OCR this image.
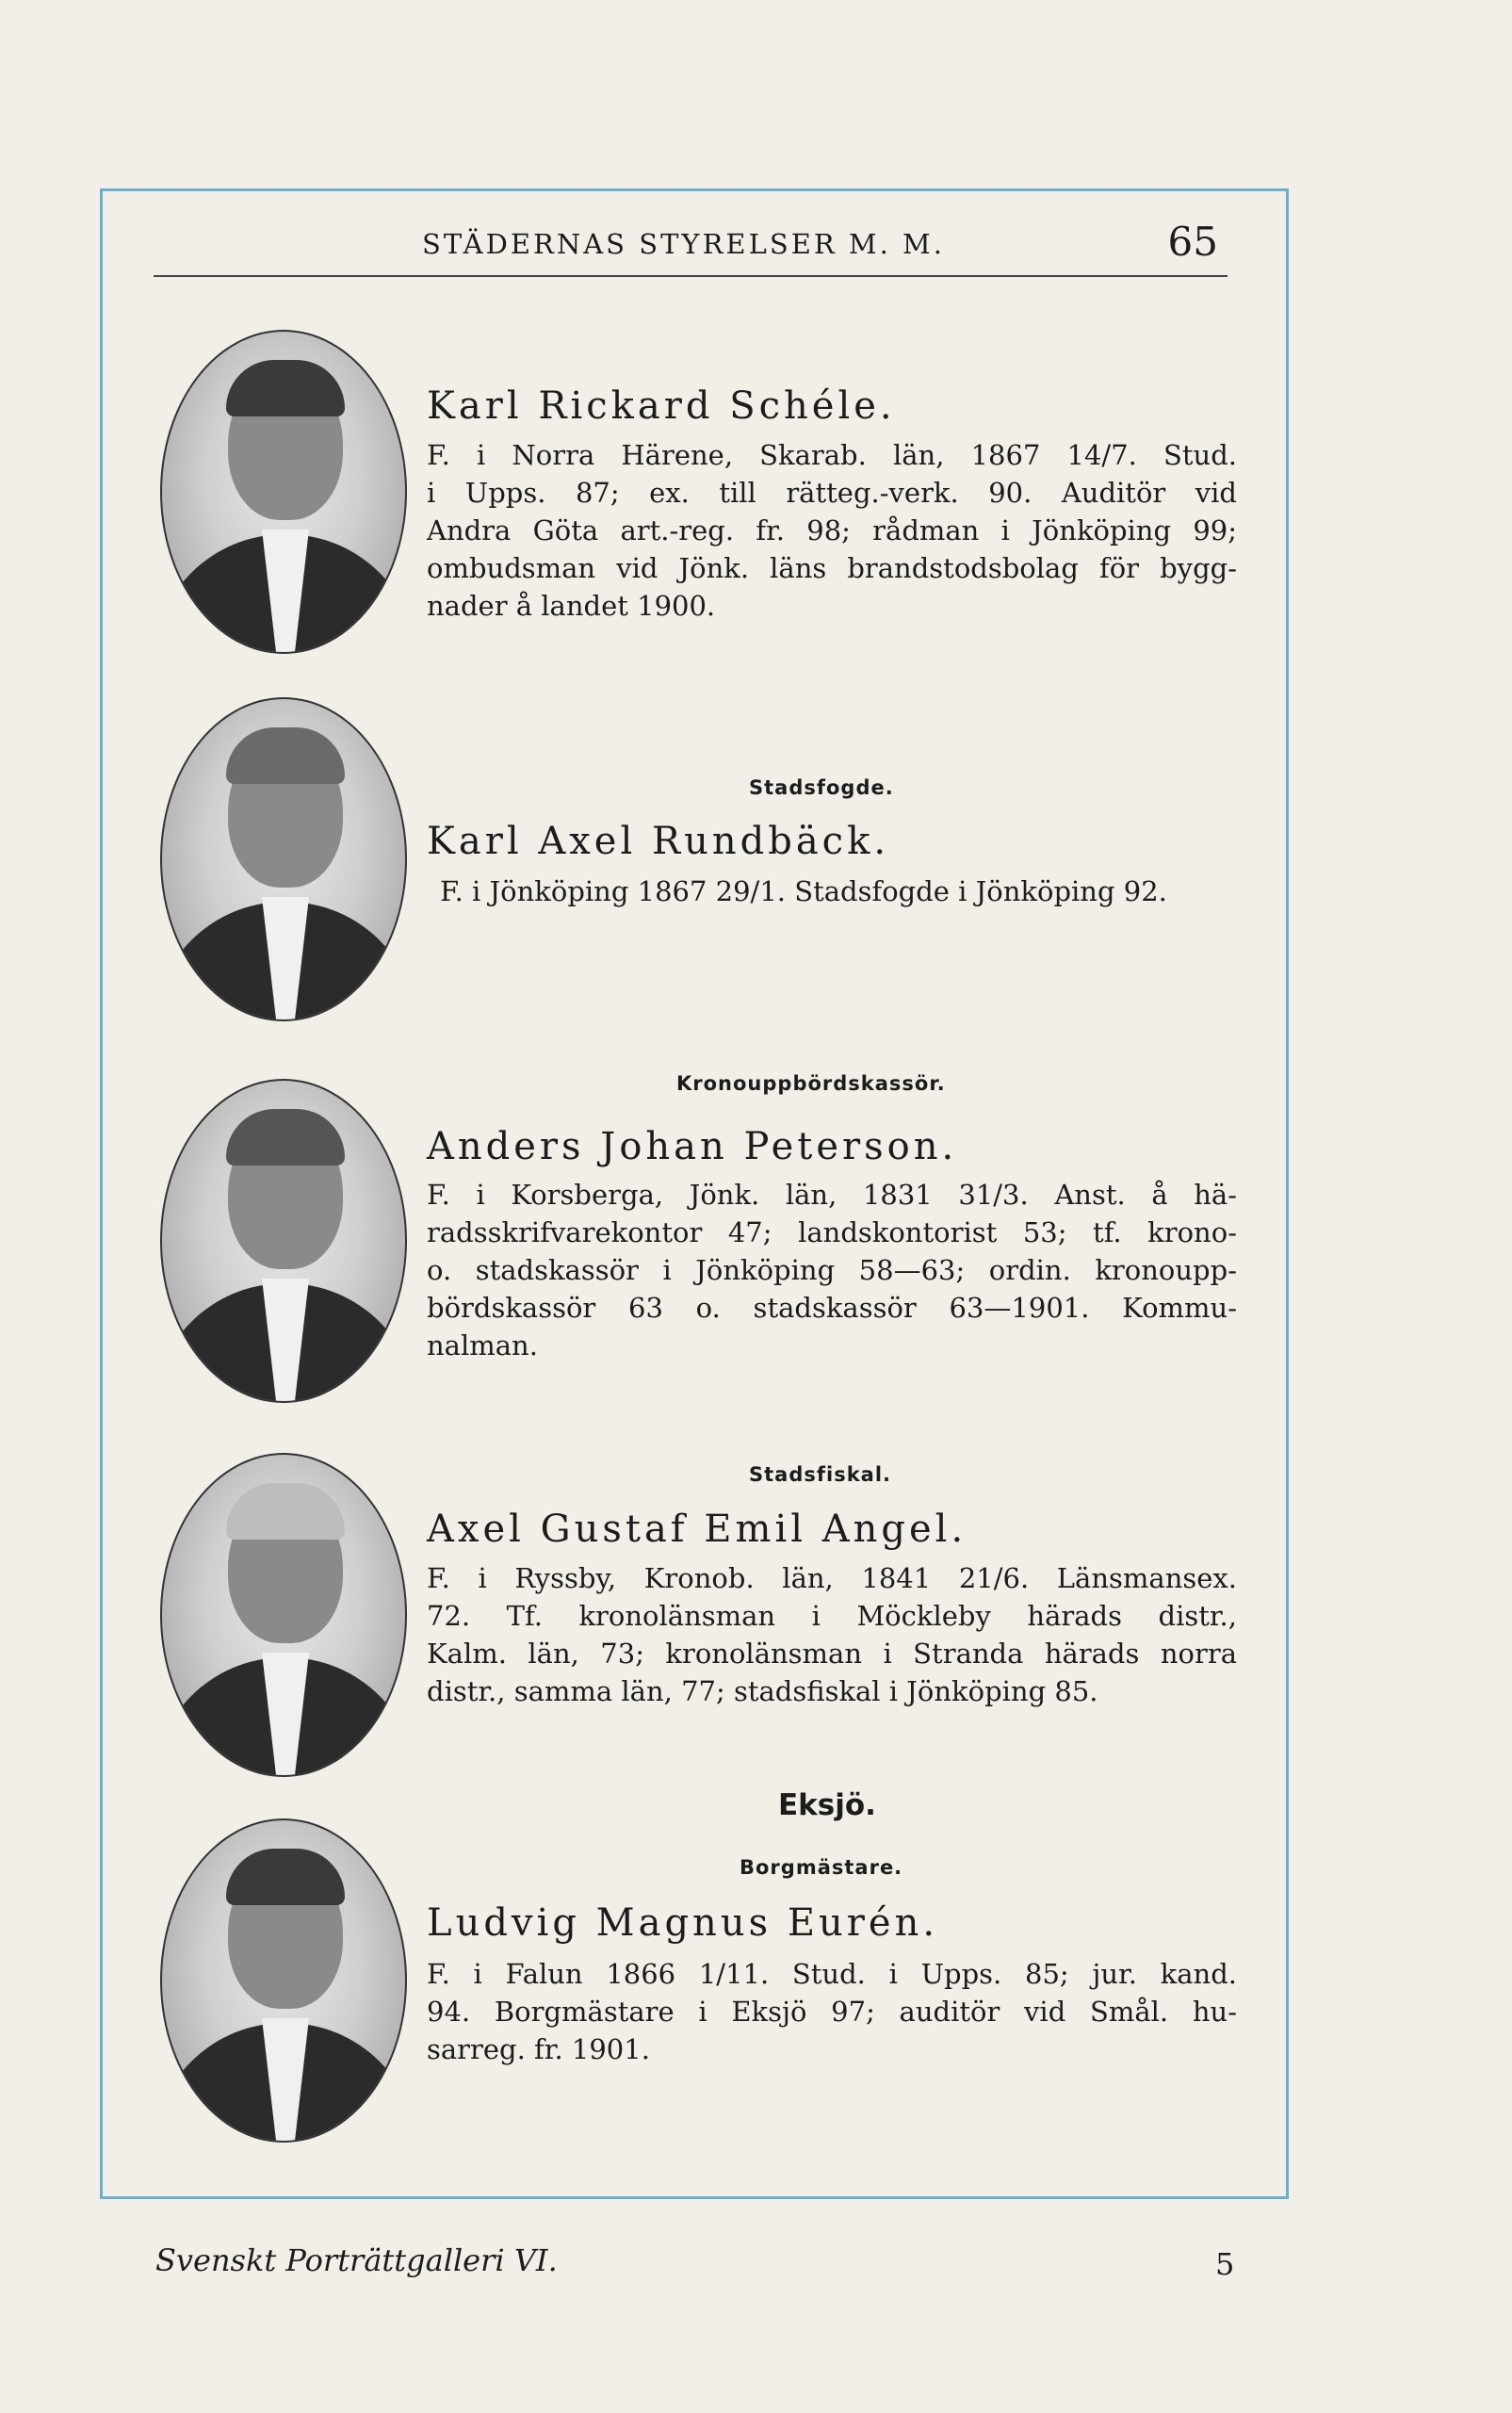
STÄDERNAS STYRELSER M. M.	65
Karl Rickard Schéle.
F. i Norra Härene, Skarab. län, 1867 14/7. Stud.
i Upps. 87; ex. till rätteg.-verk. 90. Auditör vid
Andra Göta art.-reg. fr. 98; rådman i Jönköping 99;
ombudsman vid Jönk. läns brandstodsbolag för bygg-
nader å landet 1900.
Stadsfogde.
Karl Axel Rundbäck.
F. i Jönköping 1867 29/1. Stadsfogde i Jönköping 92.
Kronouppbördskassör.
Anders Johan Peterson.
F. i Korsberga, Jönk. län, 1831 31/3. Anst. å hä-
radsskrifvarekontor 47; landskontorist 53; tf. krono-
o. stadskassör i Jönköping 58—63; ordin. kronoupp-
bördskassör 63 o. stadskassör 63—1901. Kommu-
nalman.
Stadsfiskal.
Axel Gustaf Emil Angel.
F. i Ryssby, Kronob. län, 1841 21/6. Länsmansex.
72. Tf. kronolänsman i Möckleby härads distr.,
Kalm. län, 73; kronolänsman i Stranda härads norra
distr., samma län, 77; stadsfiskal i Jönköping 85.
Eksjö.
Borgmästare.
Ludvig Magnus Eurén.
F. i Falun 1866 1/11. Stud. i Upps. 85; jur. kand.
94. Borgmästare i Eksjö 97; auditör vid Smål. hu-
sarreg. fr. 1901.
Svenskt Porträttgalleri VI.	5
